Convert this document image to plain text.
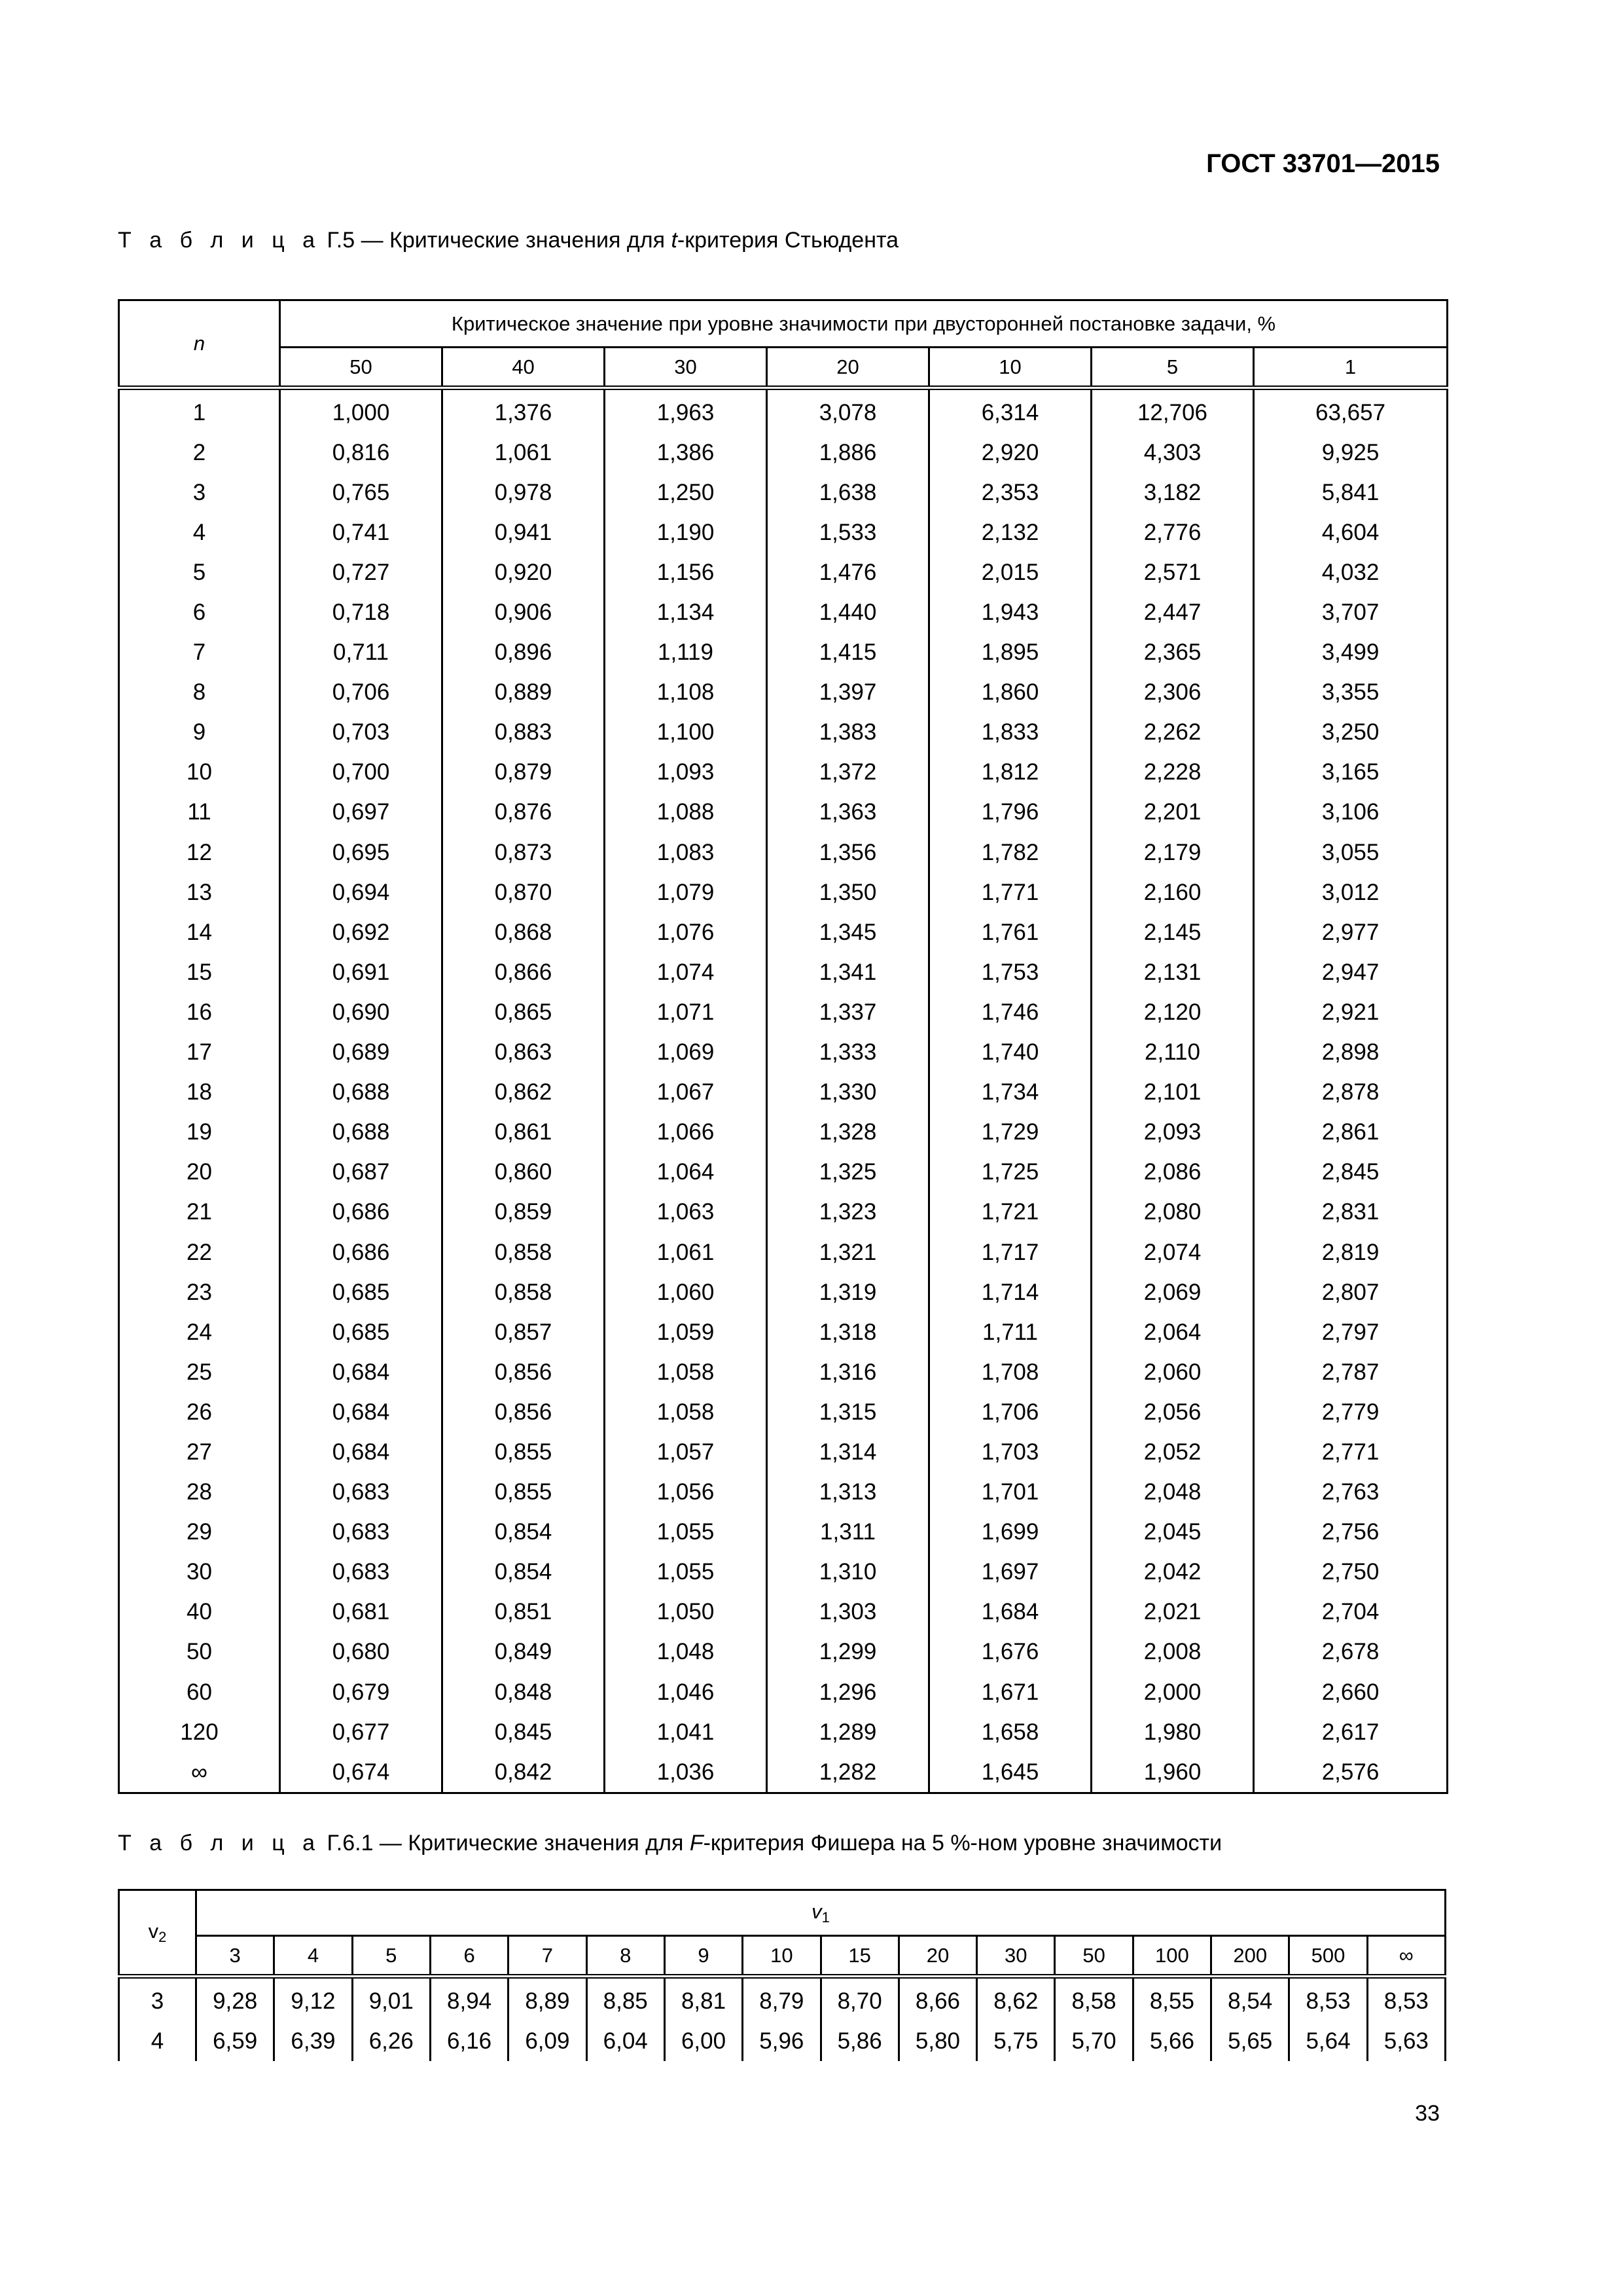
ГОСТ 33701—2015
Т а б л и ц а Г.5 — Критические значения для t-критерия Стьюдента
n	Критическое значение при уровне значимости при двусторонней постановке задачи, %						
	50	40	30	20	10	5	1
1	1,000	1,376	1,963	3,078	6,314	12,706	63,657
2	0,816	1,061	1,386	1,886	2,920	4,303	9,925
3	0,765	0,978	1,250	1,638	2,353	3,182	5,841
4	0,741	0,941	1,190	1,533	2,132	2,776	4,604
5	0,727	0,920	1,156	1,476	2,015	2,571	4,032
6	0,718	0,906	1,134	1,440	1,943	2,447	3,707
7	0,711	0,896	1,119	1,415	1,895	2,365	3,499
8	0,706	0,889	1,108	1,397	1,860	2,306	3,355
9	0,703	0,883	1,100	1,383	1,833	2,262	3,250
10	0,700	0,879	1,093	1,372	1,812	2,228	3,165
11	0,697	0,876	1,088	1,363	1,796	2,201	3,106
12	0,695	0,873	1,083	1,356	1,782	2,179	3,055
13	0,694	0,870	1,079	1,350	1,771	2,160	3,012
14	0,692	0,868	1,076	1,345	1,761	2,145	2,977
15	0,691	0,866	1,074	1,341	1,753	2,131	2,947
16	0,690	0,865	1,071	1,337	1,746	2,120	2,921
17	0,689	0,863	1,069	1,333	1,740	2,110	2,898
18	0,688	0,862	1,067	1,330	1,734	2,101	2,878
19	0,688	0,861	1,066	1,328	1,729	2,093	2,861
20	0,687	0,860	1,064	1,325	1,725	2,086	2,845
21	0,686	0,859	1,063	1,323	1,721	2,080	2,831
22	0,686	0,858	1,061	1,321	1,717	2,074	2,819
23	0,685	0,858	1,060	1,319	1,714	2,069	2,807
24	0,685	0,857	1,059	1,318	1,711	2,064	2,797
25	0,684	0,856	1,058	1,316	1,708	2,060	2,787
26	0,684	0,856	1,058	1,315	1,706	2,056	2,779
27	0,684	0,855	1,057	1,314	1,703	2,052	2,771
28	0,683	0,855	1,056	1,313	1,701	2,048	2,763
29	0,683	0,854	1,055	1,311	1,699	2,045	2,756
30	0,683	0,854	1,055	1,310	1,697	2,042	2,750
40	0,681	0,851	1,050	1,303	1,684	2,021	2,704
50	0,680	0,849	1,048	1,299	1,676	2,008	2,678
60	0,679	0,848	1,046	1,296	1,671	2,000	2,660
120	0,677	0,845	1,041	1,289	1,658	1,980	2,617
∞	0,674	0,842	1,036	1,282	1,645	1,960	2,576
Т а б л и ц а Г.6.1 — Критические значения для F-критерия Фишера на 5 %-ном уровне значимости
$v_2$	$v_1$
	3	4	5	6	7	8	9	10	15	20	30	50	100	200	500	∞
3	9,28	9,12	9,01	8,94	8,89	8,85	8,81	8,79	8,70	8,66	8,62	8,58	8,55	8,54	8,53	8,53
4	6,59	6,39	6,26	6,16	6,09	6,04	6,00	5,96	5,86	5,80	5,75	5,70	5,66	5,65	5,64	5,63
33
